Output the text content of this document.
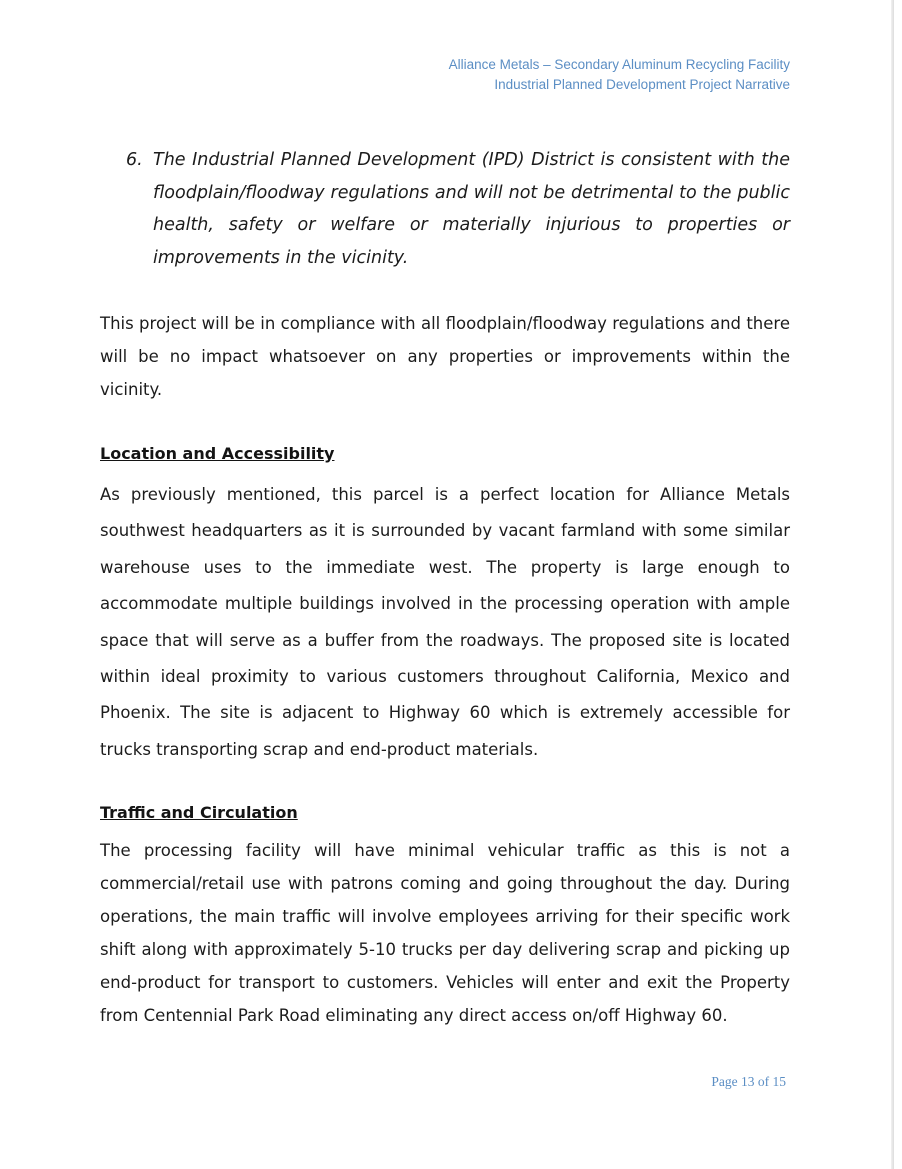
Alliance Metals – Secondary Aluminum Recycling Facility
Industrial Planned Development Project Narrative
6. The Industrial Planned Development (IPD) District is consistent with the floodplain/floodway regulations and will not be detrimental to the public health, safety or welfare or materially injurious to properties or improvements in the vicinity.

This project will be in compliance with all floodplain/floodway regulations and there will be no impact whatsoever on any properties or improvements within the vicinity.

Location and Accessibility

As previously mentioned, this parcel is a perfect location for Alliance Metals southwest headquarters as it is surrounded by vacant farmland with some similar warehouse uses to the immediate west. The property is large enough to accommodate multiple buildings involved in the processing operation with ample space that will serve as a buffer from the roadways. The proposed site is located within ideal proximity to various customers throughout California, Mexico and Phoenix. The site is adjacent to Highway 60 which is extremely accessible for trucks transporting scrap and end-product materials.

Traffic and Circulation

The processing facility will have minimal vehicular traffic as this is not a commercial/retail use with patrons coming and going throughout the day. During operations, the main traffic will involve employees arriving for their specific work shift along with approximately 5-10 trucks per day delivering scrap and picking up end-product for transport to customers. Vehicles will enter and exit the Property from Centennial Park Road eliminating any direct access on/off Highway 60.

Page 13 of 15
